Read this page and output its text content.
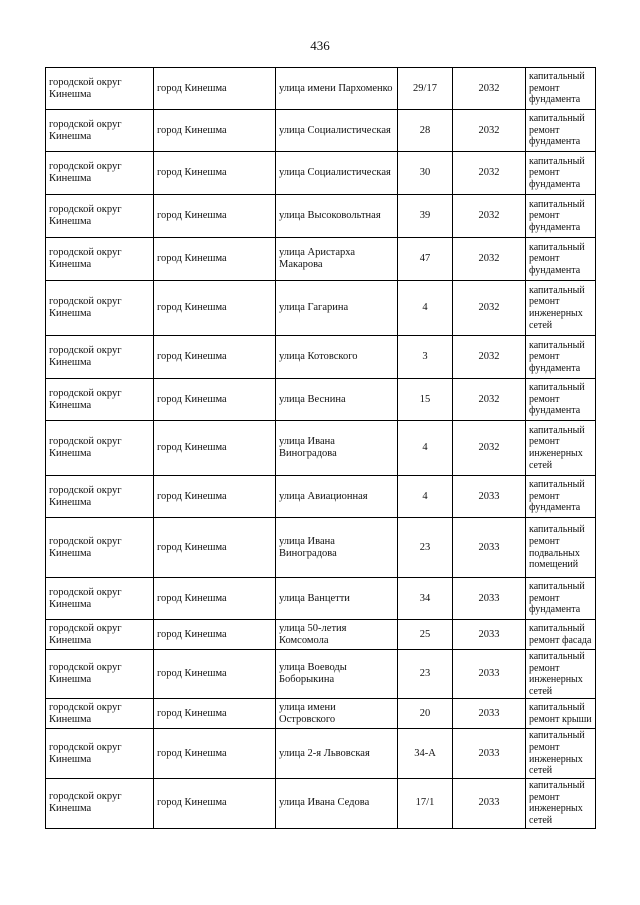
436
городской округ Кинешма	город Кинешма	улица имени Пархоменко	29/17	2032	капитальный ремонт фундамента
городской округ Кинешма	город Кинешма	улица Социалистическая	28	2032	капитальный ремонт фундамента
городской округ Кинешма	город Кинешма	улица Социалистическая	30	2032	капитальный ремонт фундамента
городской округ Кинешма	город Кинешма	улица Высоковольтная	39	2032	капитальный ремонт фундамента
городской округ Кинешма	город Кинешма	улица Аристарха Макарова	47	2032	капитальный ремонт фундамента
городской округ Кинешма	город Кинешма	улица Гагарина	4	2032	капитальный ремонт инженерных сетей
городской округ Кинешма	город Кинешма	улица Котовского	3	2032	капитальный ремонт фундамента
городской округ Кинешма	город Кинешма	улица Веснина	15	2032	капитальный ремонт фундамента
городской округ Кинешма	город Кинешма	улица Ивана Виноградова	4	2032	капитальный ремонт инженерных сетей
городской округ Кинешма	город Кинешма	улица Авиационная	4	2033	капитальный ремонт фундамента
городской округ Кинешма	город Кинешма	улица Ивана Виноградова	23	2033	капитальный ремонт подвальных помещений
городской округ Кинешма	город Кинешма	улица Ванцетти	34	2033	капитальный ремонт фундамента
городской округ Кинешма	город Кинешма	улица 50-летия Комсомола	25	2033	капитальный ремонт фасада
городской округ Кинешма	город Кинешма	улица Воеводы Боборыкина	23	2033	капитальный ремонт инженерных сетей
городской округ Кинешма	город Кинешма	улица имени Островского	20	2033	капитальный ремонт крыши
городской округ Кинешма	город Кинешма	улица 2-я Львовская	34-А	2033	капитальный ремонт инженерных сетей
городской округ Кинешма	город Кинешма	улица Ивана Седова	17/1	2033	капитальный ремонт инженерных сетей
